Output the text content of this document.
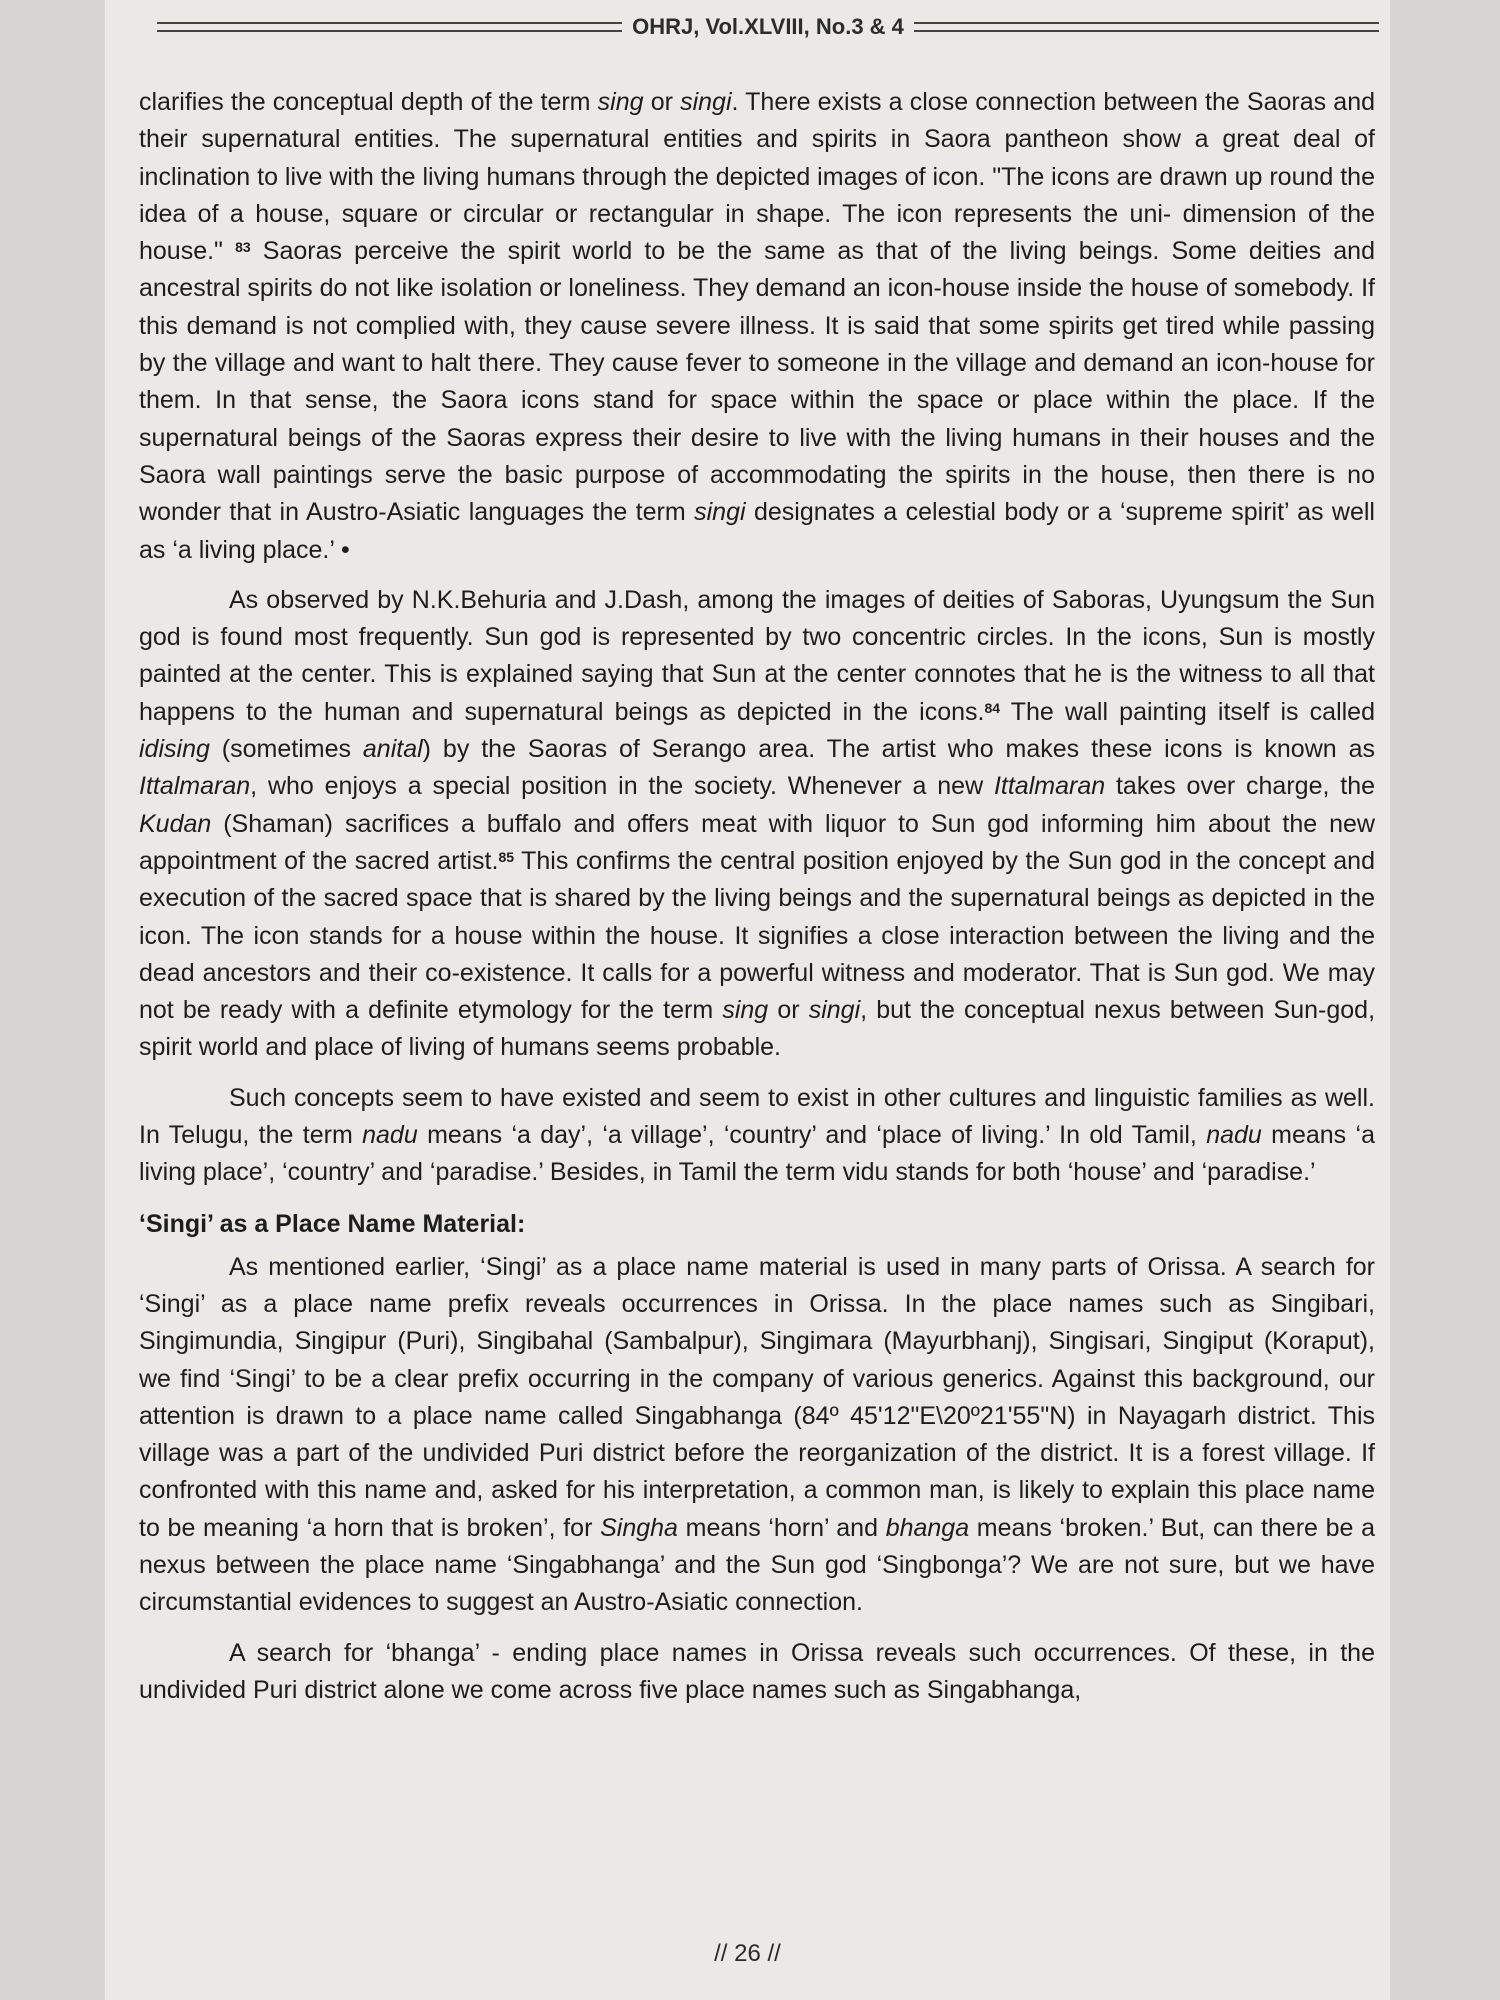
OHRJ, Vol.XLVIII, No.3 & 4

clarifies the conceptual depth of the term sing or singi. There exists a close connection between the Saoras and their supernatural entities. The supernatural entities and spirits in Saora pantheon show a great deal of inclination to live with the living humans through the depicted images of icon. "The icons are drawn up round the idea of a house, square or circular or rectangular in shape. The icon represents the uni- dimension of the house." $^{83}$ Saoras perceive the spirit world to be the same as that of the living beings. Some deities and ancestral spirits do not like isolation or loneliness. They demand an icon-house inside the house of somebody. If this demand is not complied with, they cause severe illness. It is said that some spirits get tired while passing by the village and want to halt there. They cause fever to someone in the village and demand an icon-house for them. In that sense, the Saora icons stand for space within the space or place within the place. If the supernatural beings of the Saoras express their desire to live with the living humans in their houses and the Saora wall paintings serve the basic purpose of accommodating the spirits in the house, then there is no wonder that in Austro-Asiatic languages the term singi designates a celestial body or a ‘supreme spirit’ as well as ‘a living place.’ •

As observed by N.K.Behuria and J.Dash, among the images of deities of Saboras, Uyungsum the Sun god is found most frequently. Sun god is represented by two concentric circles. In the icons, Sun is mostly painted at the center. This is explained saying that Sun at the center connotes that he is the witness to all that happens to the human and supernatural beings as depicted in the icons.$^{84}$ The wall painting itself is called idising (sometimes anital) by the Saoras of Serango area. The artist who makes these icons is known as Ittalmaran, who enjoys a special position in the society. Whenever a new Ittalmaran takes over charge, the Kudan (Shaman) sacrifices a buffalo and offers meat with liquor to Sun god informing him about the new appointment of the sacred artist.$^{85}$ This confirms the central position enjoyed by the Sun god in the concept and execution of the sacred space that is shared by the living beings and the supernatural beings as depicted in the icon. The icon stands for a house within the house. It signifies a close interaction between the living and the dead ancestors and their co-existence. It calls for a powerful witness and moderator. That is Sun god. We may not be ready with a definite etymology for the term sing or singi, but the conceptual nexus between Sun-god, spirit world and place of living of humans seems probable.

Such concepts seem to have existed and seem to exist in other cultures and linguistic families as well. In Telugu, the term nadu means ‘a day’, ‘a village’, ‘country’ and ‘place of living.’ In old Tamil, nadu means ‘a living place’, ‘country’ and ‘paradise.’ Besides, in Tamil the term vidu stands for both ‘house’ and ‘paradise.’

‘Singi’ as a Place Name Material:

As mentioned earlier, ‘Singi’ as a place name material is used in many parts of Orissa. A search for ‘Singi’ as a place name prefix reveals occurrences in Orissa. In the place names such as Singibari, Singimundia, Singipur (Puri), Singibahal (Sambalpur), Singimara (Mayurbhanj), Singisari, Singiput (Koraput), we find ‘Singi’ to be a clear prefix occurring in the company of various generics. Against this background, our attention is drawn to a place name called Singabhanga (84º 45'12"E\20º21'55"N) in Nayagarh district. This village was a part of the undivided Puri district before the reorganization of the district. It is a forest village. If confronted with this name and, asked for his interpretation, a common man, is likely to explain this place name to be meaning ‘a horn that is broken’, for Singha means ‘horn’ and bhanga means ‘broken.’ But, can there be a nexus between the place name ‘Singabhanga’ and the Sun god ‘Singbonga’? We are not sure, but we have circumstantial evidences to suggest an Austro-Asiatic connection.

A search for ‘bhanga’ - ending place names in Orissa reveals such occurrences. Of these, in the undivided Puri district alone we come across five place names such as Singabhanga,

// 26 //
